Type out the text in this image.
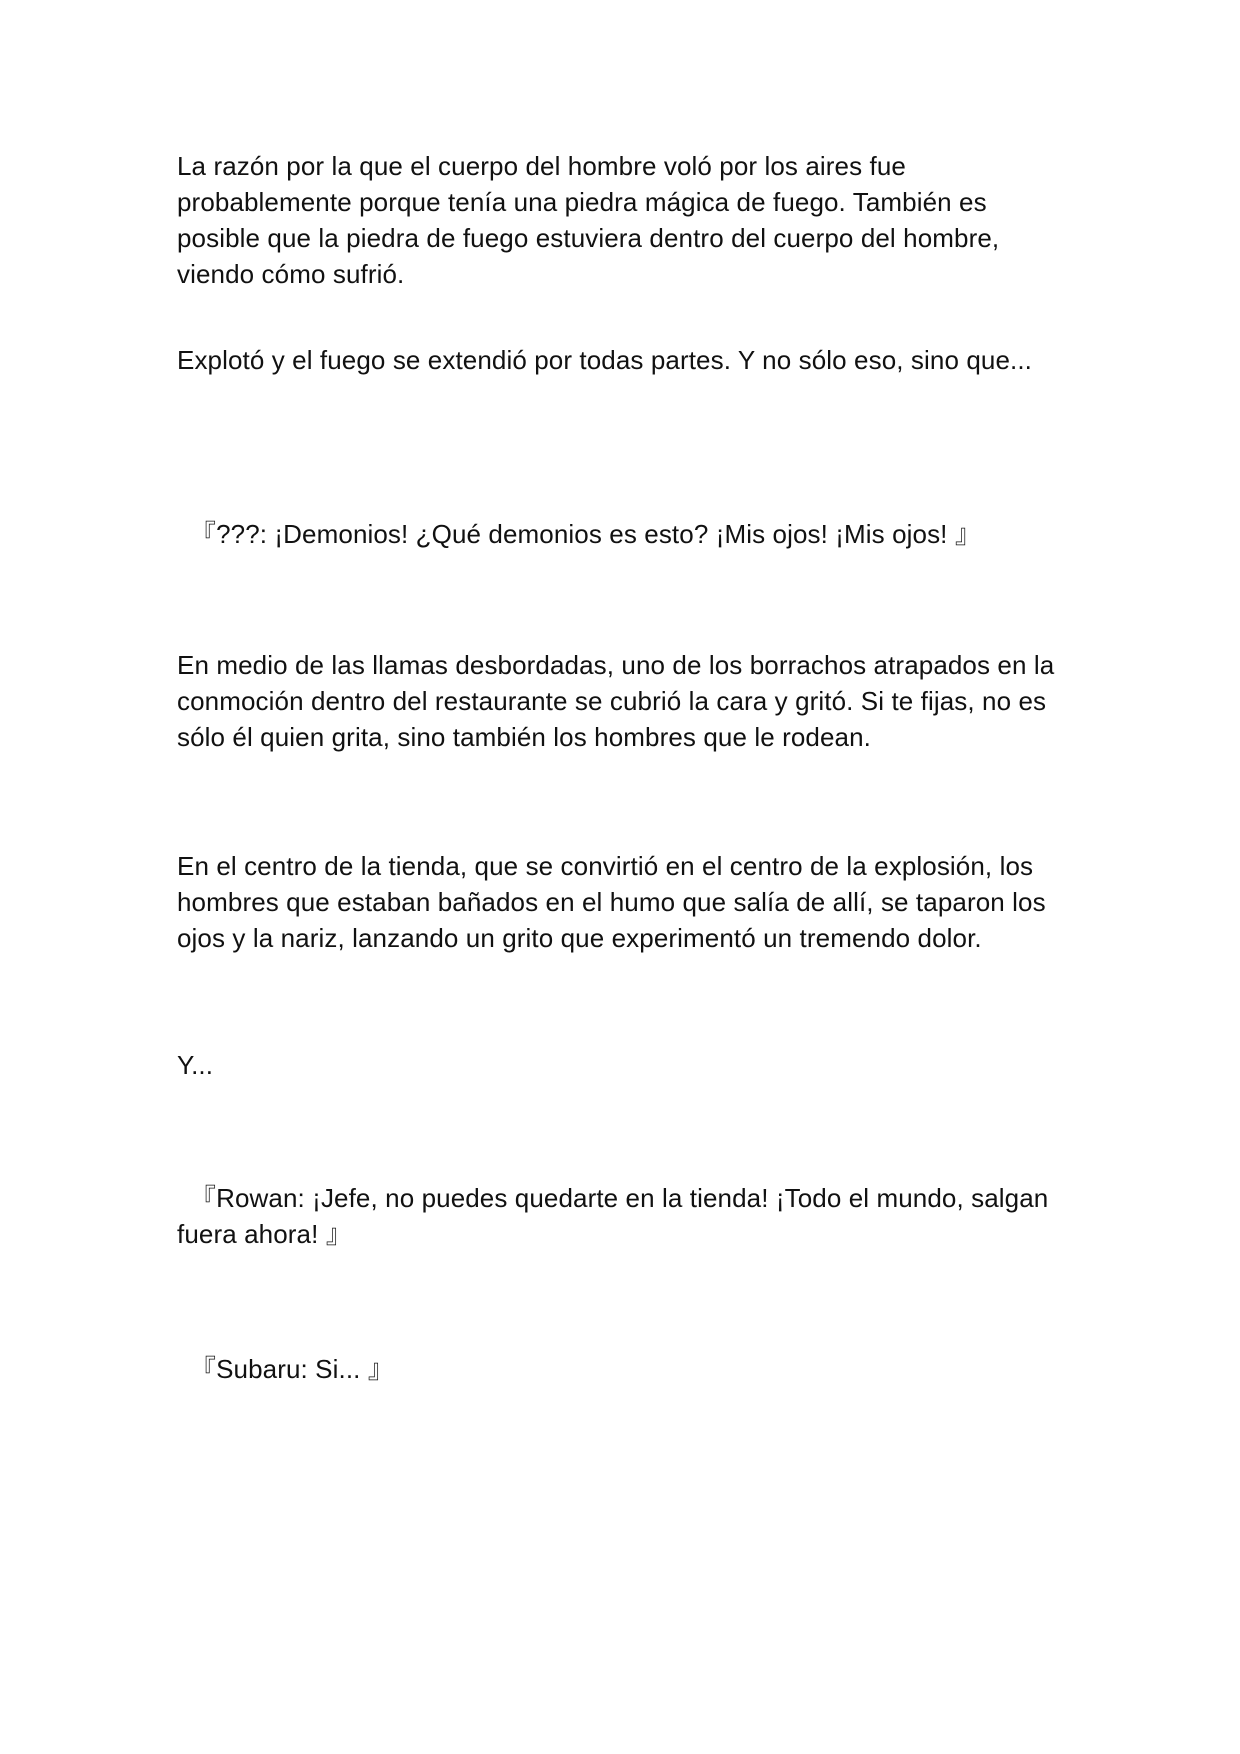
La razón por la que el cuerpo del hombre voló por los aires fue probablemente porque tenía una piedra mágica de fuego. También es posible que la piedra de fuego estuviera dentro del cuerpo del hombre, viendo cómo sufrió.

Explotó y el fuego se extendió por todas partes. Y no sólo eso, sino que...

『???: ¡Demonios! ¿Qué demonios es esto? ¡Mis ojos! ¡Mis ojos! 』

En medio de las llamas desbordadas, uno de los borrachos atrapados en la conmoción dentro del restaurante se cubrió la cara y gritó. Si te fijas, no es sólo él quien grita, sino también los hombres que le rodean.

En el centro de la tienda, que se convirtió en el centro de la explosión, los hombres que estaban bañados en el humo que salía de allí, se taparon los ojos y la nariz, lanzando un grito que experimentó un tremendo dolor.

Y...

『Rowan: ¡Jefe, no puedes quedarte en la tienda! ¡Todo el mundo, salgan fuera ahora! 』

『Subaru: Si... 』
